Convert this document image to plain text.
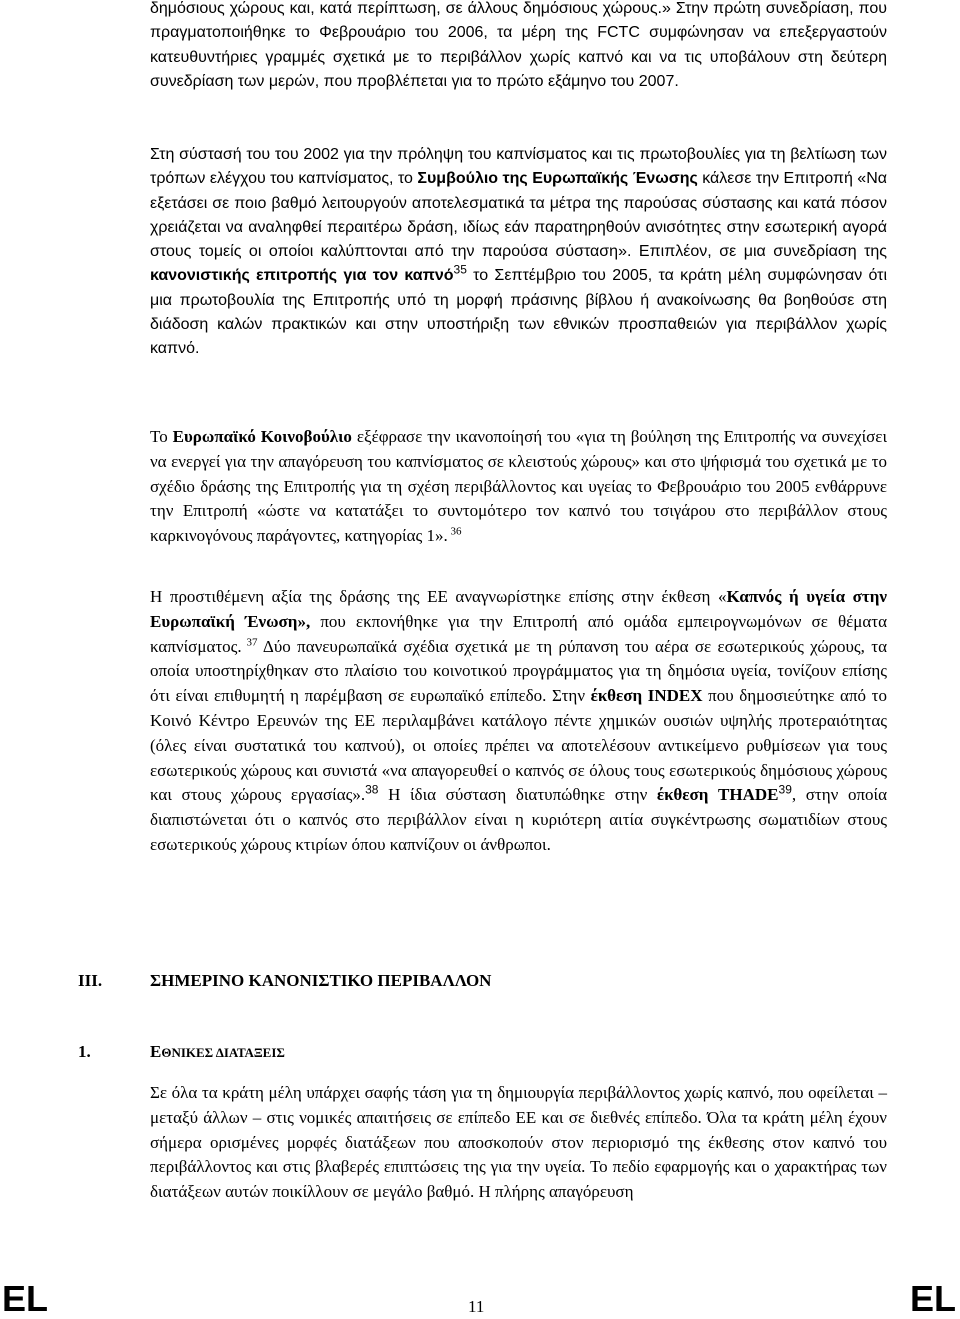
δημόσιους χώρους και, κατά περίπτωση, σε άλλους δημόσιους χώρους.» Στην πρώτη συνεδρίαση, που πραγματοποιήθηκε το Φεβρουάριο του 2006, τα μέρη της FCTC συμφώνησαν να επεξεργαστούν κατευθυντήριες γραμμές σχετικά με το περιβάλλον χωρίς καπνό και να τις υποβάλουν στη δεύτερη συνεδρίαση των μερών, που προβλέπεται για το πρώτο εξάμηνο του 2007.

Στη σύστασή του του 2002 για την πρόληψη του καπνίσματος και τις πρωτοβουλίες για τη βελτίωση των τρόπων ελέγχου του καπνίσματος, το Συμβούλιο της Ευρωπαϊκής Ένωσης κάλεσε την Επιτροπή «Να εξετάσει σε ποιο βαθμό λειτουργούν αποτελεσματικά τα μέτρα της παρούσας σύστασης και κατά πόσον χρειάζεται να αναληφθεί περαιτέρω δράση, ιδίως εάν παρατηρηθούν ανισότητες στην εσωτερική αγορά στους τομείς οι οποίοι καλύπτονται από την παρούσα σύσταση». Επιπλέον, σε μια συνεδρίαση της κανονιστικής επιτροπής για τον καπνό$^{35}$ το Σεπτέμβριο του 2005, τα κράτη μέλη συμφώνησαν ότι μια πρωτοβουλία της Επιτροπής υπό τη μορφή πράσινης βίβλου ή ανακοίνωσης θα βοηθούσε στη διάδοση καλών πρακτικών και στην υποστήριξη των εθνικών προσπαθειών για περιβάλλον χωρίς καπνό.

Το Ευρωπαϊκό Κοινοβούλιο εξέφρασε την ικανοποίησή του «για τη βούληση της Επιτροπής να συνεχίσει να ενεργεί για την απαγόρευση του καπνίσματος σε κλειστούς χώρους» και στο ψήφισμά του σχετικά με το σχέδιο δράσης της Επιτροπής για τη σχέση περιβάλλοντος και υγείας το Φεβρουάριο του 2005 ενθάρρυνε την Επιτροπή «ώστε να κατατάξει το συντομότερο τον καπνό του τσιγάρου στο περιβάλλον στους καρκινογόνους παράγοντες, κατηγορίας 1». $^{36}$

Η προστιθέμενη αξία της δράσης της ΕΕ αναγνωρίστηκε επίσης στην έκθεση «Καπνός ή υγεία στην Ευρωπαϊκή Ένωση», που εκπονήθηκε για την Επιτροπή από ομάδα εμπειρογνωμόνων σε θέματα καπνίσματος. $^{37}$ Δύο πανευρωπαϊκά σχέδια σχετικά με τη ρύπανση του αέρα σε εσωτερικούς χώρους, τα οποία υποστηρίχθηκαν στο πλαίσιο του κοινοτικού προγράμματος για τη δημόσια υγεία, τονίζουν επίσης ότι είναι επιθυμητή η παρέμβαση σε ευρωπαϊκό επίπεδο. Στην έκθεση INDEX που δημοσιεύτηκε από το Κοινό Κέντρο Ερευνών της ΕΕ περιλαμβάνει κατάλογο πέντε χημικών ουσιών υψηλής προτεραιότητας (όλες είναι συστατικά του καπνού), οι οποίες πρέπει να αποτελέσουν αντικείμενο ρυθμίσεων για τους εσωτερικούς χώρους και συνιστά «να απαγορευθεί ο καπνός σε όλους τους εσωτερικούς δημόσιους χώρους και στους χώρους εργασίας».$^{38}$ Η ίδια σύσταση διατυπώθηκε στην έκθεση THADE$^{39}$, στην οποία διαπιστώνεται ότι ο καπνός στο περιβάλλον είναι η κυριότερη αιτία συγκέντρωσης σωματιδίων στους εσωτερικούς χώρους κτιρίων όπου καπνίζουν οι άνθρωποι.

Σε όλα τα κράτη μέλη υπάρχει σαφής τάση για τη δημιουργία περιβάλλοντος χωρίς καπνό, που οφείλεται – μεταξύ άλλων – στις νομικές απαιτήσεις σε επίπεδο ΕΕ και σε διεθνές επίπεδο. Όλα τα κράτη μέλη έχουν σήμερα ορισμένες μορφές διατάξεων που αποσκοπούν στον περιορισμό της έκθεσης στον καπνό του περιβάλλοντος και στις βλαβερές επιπτώσεις της για την υγεία. Το πεδίο εφαρμογής και ο χαρακτήρας των διατάξεων αυτών ποικίλλουν σε μεγάλο βαθμό. Η πλήρης απαγόρευση

III.	ΣΗΜΕΡΙΝΟ ΚΑΝΟΝΙΣΤΙΚΟ ΠΕΡΙΒΑΛΛΟΝ
1.	ΕΘΝΙΚΕΣ ΔΙΑΤΑΞΕΙΣ
EL	11	EL
